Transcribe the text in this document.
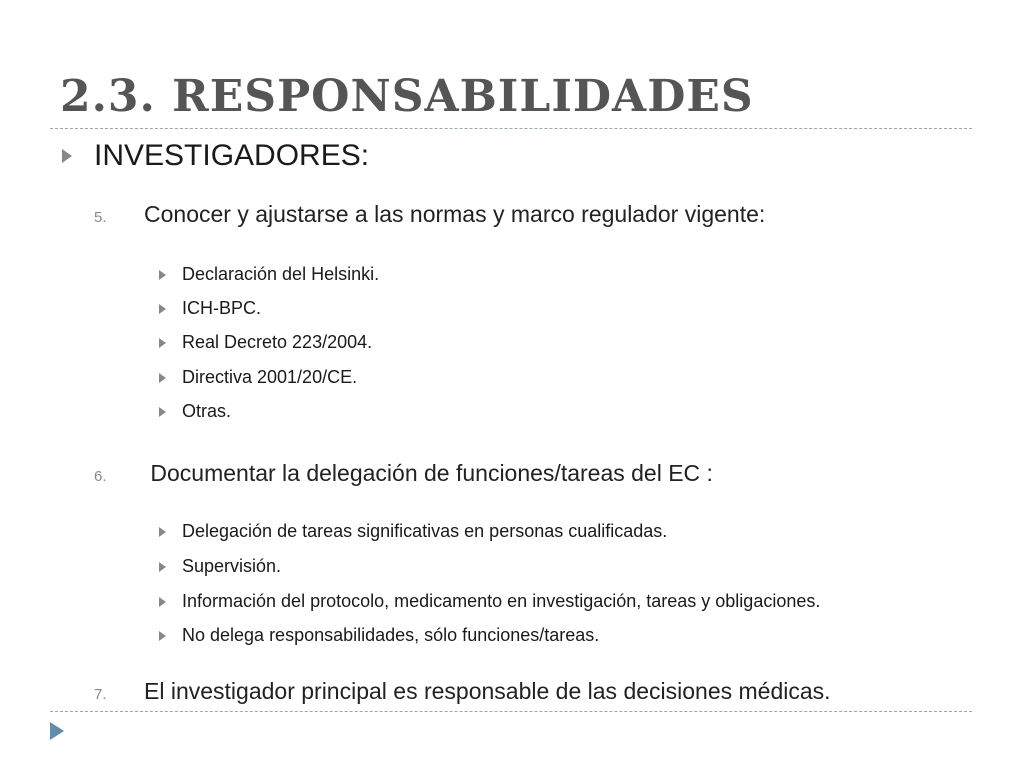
2.3. RESPONSABILIDADES
INVESTIGADORES:
5.	Conocer y ajustarse a las normas y marco regulador vigente:
Declaración del Helsinki.
ICH-BPC.
Real Decreto 223/2004.
Directiva 2001/20/CE.
Otras.
6.	Documentar la delegación de funciones/tareas del EC :
Delegación de tareas significativas en personas cualificadas.
Supervisión.
Información del protocolo, medicamento en investigación, tareas y obligaciones.
No delega responsabilidades, sólo funciones/tareas.
7.	El investigador principal es responsable de las decisiones médicas.
